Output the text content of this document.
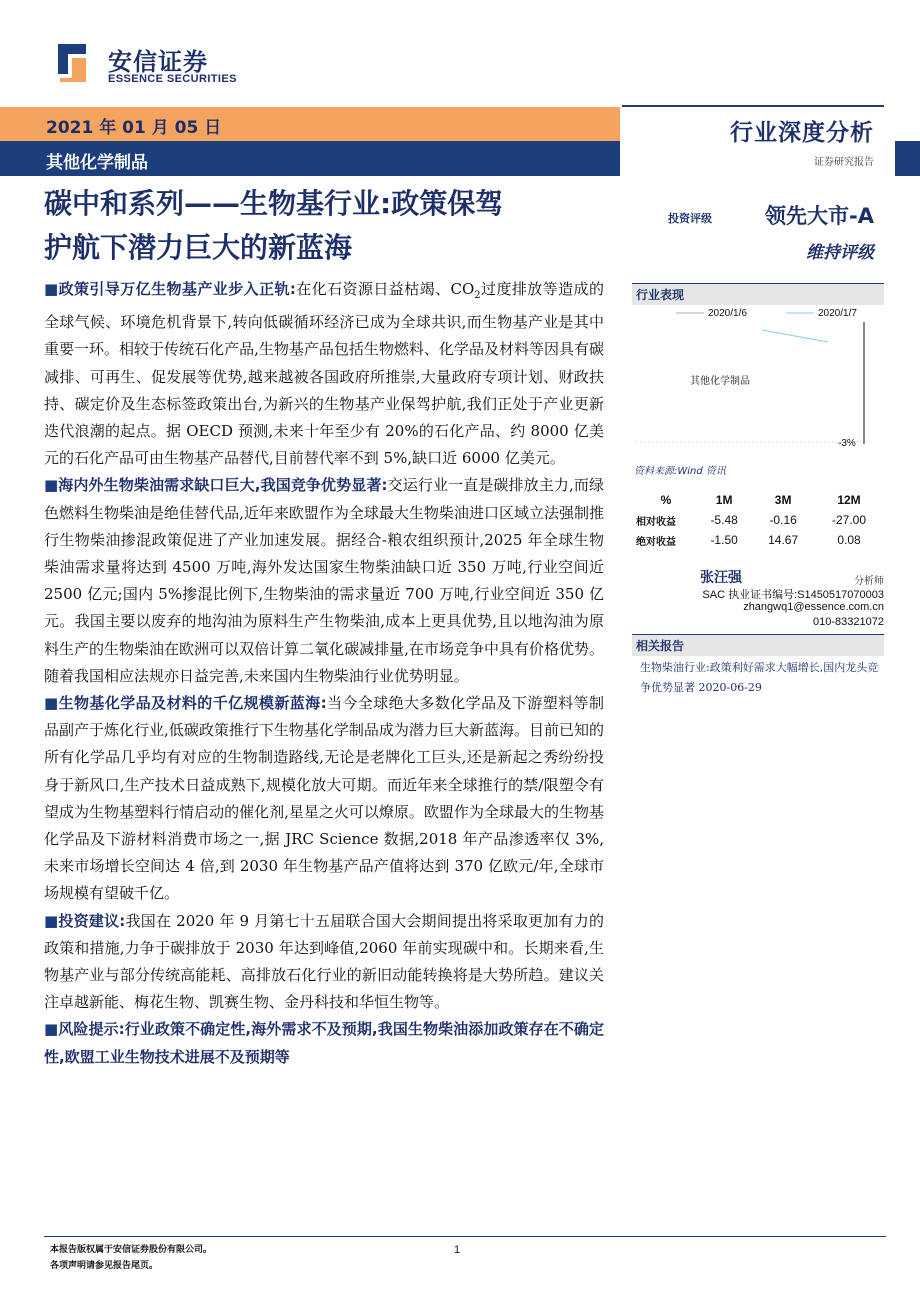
安信证券
ESSENCE SECURITIES
2021 年 01 月 05 日
其他化学制品
行业深度分析
证券研究报告
碳中和系列——生物基行业:政策保驾
护航下潜力巨大的新蓝海
投资评级	领先大市-A
维持评级

■政策引导万亿生物基产业步入正轨:在化石资源日益枯竭、$CO_2$过度排放等造成的全球气候、环境危机背景下,转向低碳循环经济已成为全球共识,而生物基产业是其中重要一环。相较于传统石化产品,生物基产品包括生物燃料、化学品及材料等因具有碳减排、可再生、促发展等优势,越来越被各国政府所推崇,大量政府专项计划、财政扶持、碳定价及生态标签政策出台,为新兴的生物基产业保驾护航,我们正处于产业更新迭代浪潮的起点。据 OECD 预测,未来十年至少有 20%的石化产品、约 8000 亿美元的石化产品可由生物基产品替代,目前替代率不到 5%,缺口近 6000 亿美元。

■海内外生物柴油需求缺口巨大,我国竞争优势显著:交运行业一直是碳排放主力,而绿色燃料生物柴油是绝佳替代品,近年来欧盟作为全球最大生物柴油进口区域立法强制推行生物柴油掺混政策促进了产业加速发展。据经合-粮农组织预计,2025 年全球生物柴油需求量将达到 4500 万吨,海外发达国家生物柴油缺口近 350 万吨,行业空间近 2500 亿元;国内 5%掺混比例下,生物柴油的需求量近 700 万吨,行业空间近 350 亿元。我国主要以废弃的地沟油为原料生产生物柴油,成本上更具优势,且以地沟油为原料生产的生物柴油在欧洲可以双倍计算二氧化碳减排量,在市场竞争中具有价格优势。随着我国相应法规亦日益完善,未来国内生物柴油行业优势明显。

■生物基化学品及材料的千亿规模新蓝海:当今全球绝大多数化学品及下游塑料等制品副产于炼化行业,低碳政策推行下生物基化学制品成为潜力巨大新蓝海。目前已知的所有化学品几乎均有对应的生物制造路线,无论是老牌化工巨头,还是新起之秀纷纷投身于新风口,生产技术日益成熟下,规模化放大可期。而近年来全球推行的禁/限塑令有望成为生物基塑料行情启动的催化剂,星星之火可以燎原。欧盟作为全球最大的生物基化学品及下游材料消费市场之一,据 JRC Science 数据,2018 年产品渗透率仅 3%,未来市场增长空间达 4 倍,到 2030 年生物基产品产值将达到 370 亿欧元/年,全球市场规模有望破千亿。

■投资建议:我国在 2020 年 9 月第七十五届联合国大会期间提出将采取更加有力的政策和措施,力争于碳排放于 2030 年达到峰值,2060 年前实现碳中和。长期来看,生物基产业与部分传统高能耗、高排放石化行业的新旧动能转换将是大势所趋。建议关注卓越新能、梅花生物、凯赛生物、金丹科技和华恒生物等。

■风险提示:行业政策不确定性,海外需求不及预期,我国生物柴油添加政策存在不确定性,欧盟工业生物技术进展不及预期等

行业表现
2020/1/6	2020/1/7
其他化学制品
-3%
资料来源:Wind 资讯
%	1M	3M	12M
相对收益	-5.48	-0.16	-27.00
绝对收益	-1.50	14.67	0.08
张汪强	分析师
SAC 执业证书编号:S1450517070003
zhangwq1@essence.com.cn
010-83321072
相关报告
生物柴油行业:政策利好需求大幅增长,国内龙头竞争优势显著 2020-06-29
本报告版权属于安信证券股份有限公司。
各项声明请参见报告尾页。
1
